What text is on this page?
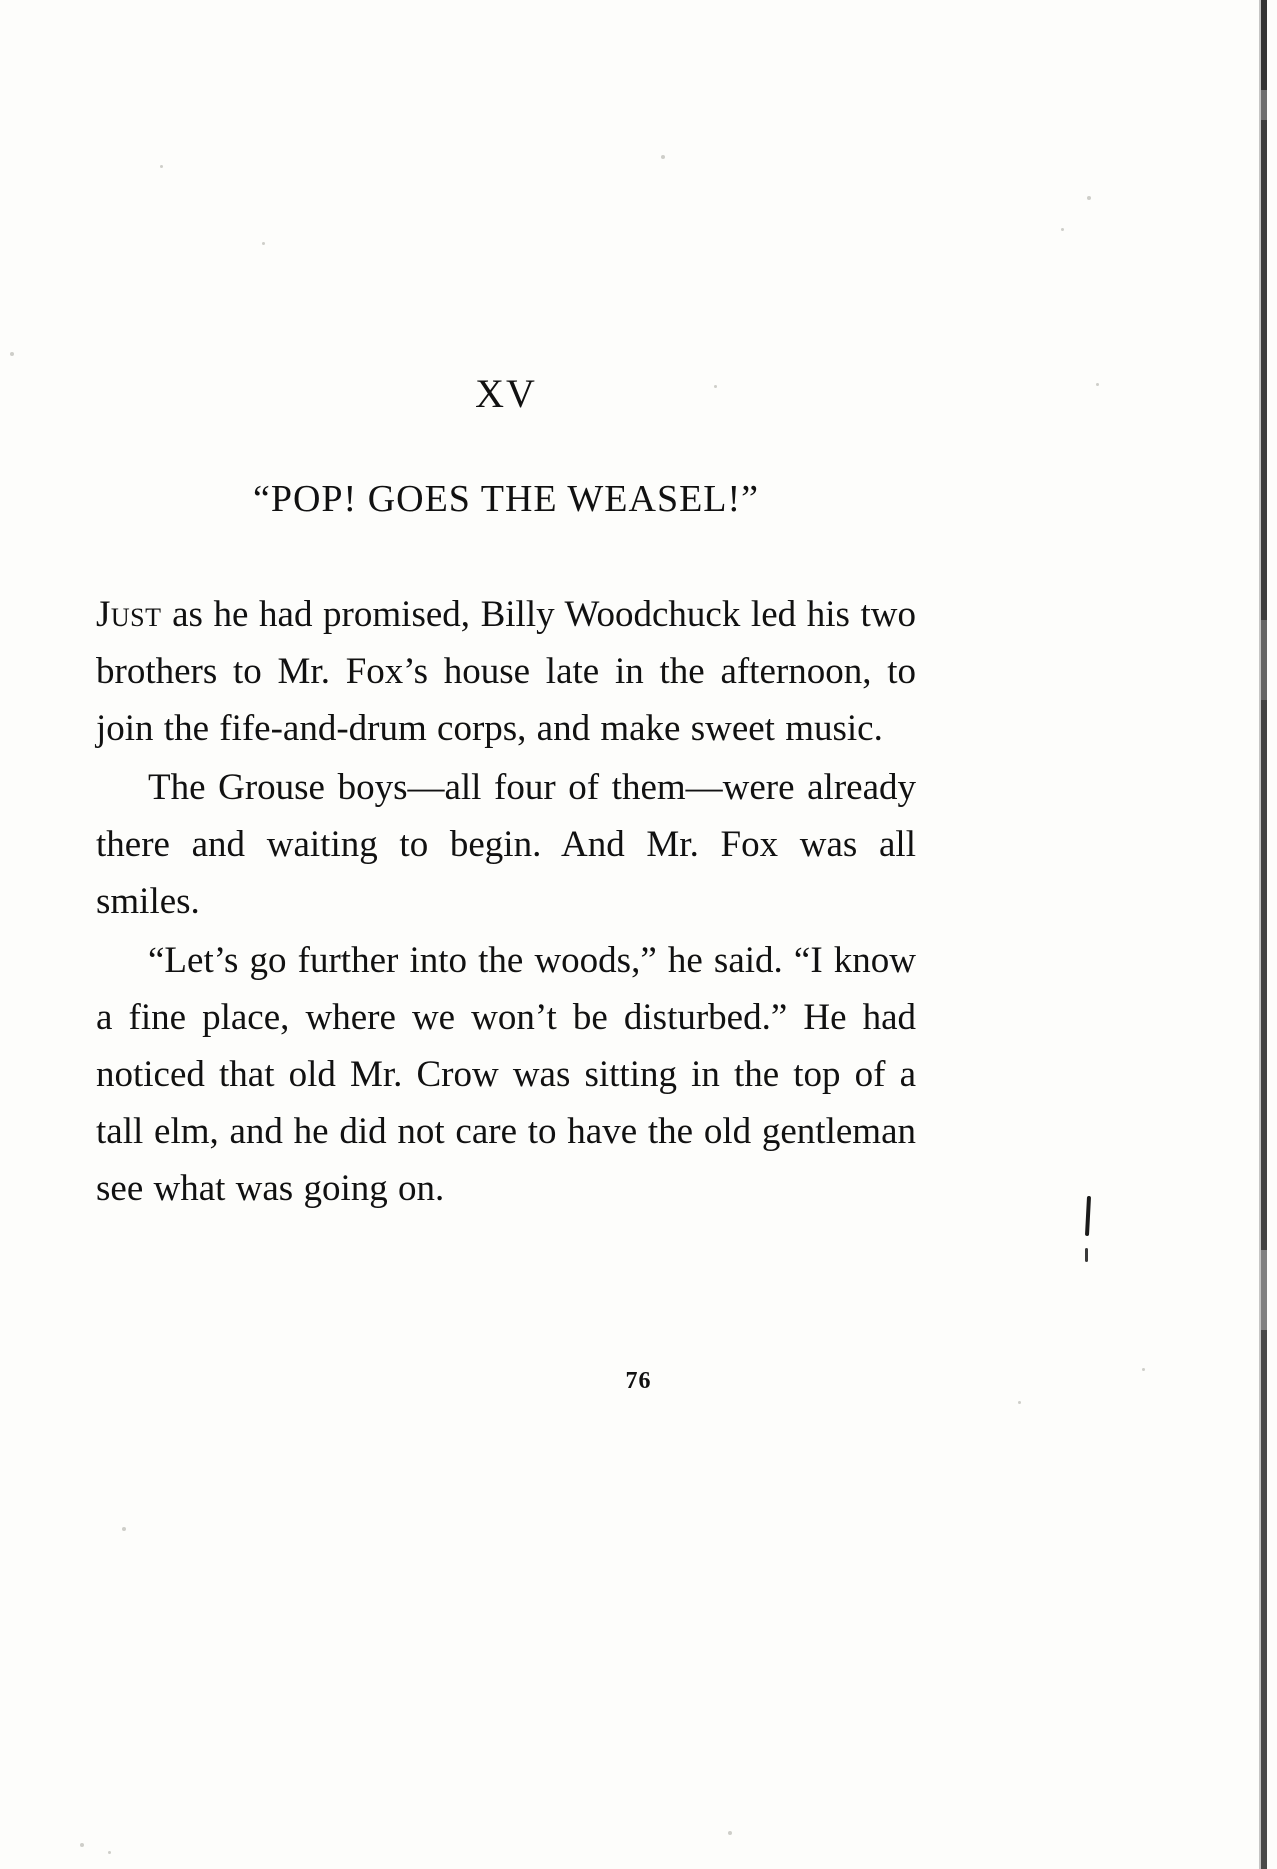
XV
“POP! GOES THE WEASEL!”

Just as he had promised, Billy Woodchuck led his two brothers to Mr. Fox’s house late in the afternoon, to join the fife-and-drum corps, and make sweet music.

The Grouse boys—all four of them—were already there and waiting to begin. And Mr. Fox was all smiles.

“Let’s go further into the woods,” he said. “I know a fine place, where we won’t be disturbed.” He had noticed that old Mr. Crow was sitting in the top of a tall elm, and he did not care to have the old gentleman see what was going on.

76
